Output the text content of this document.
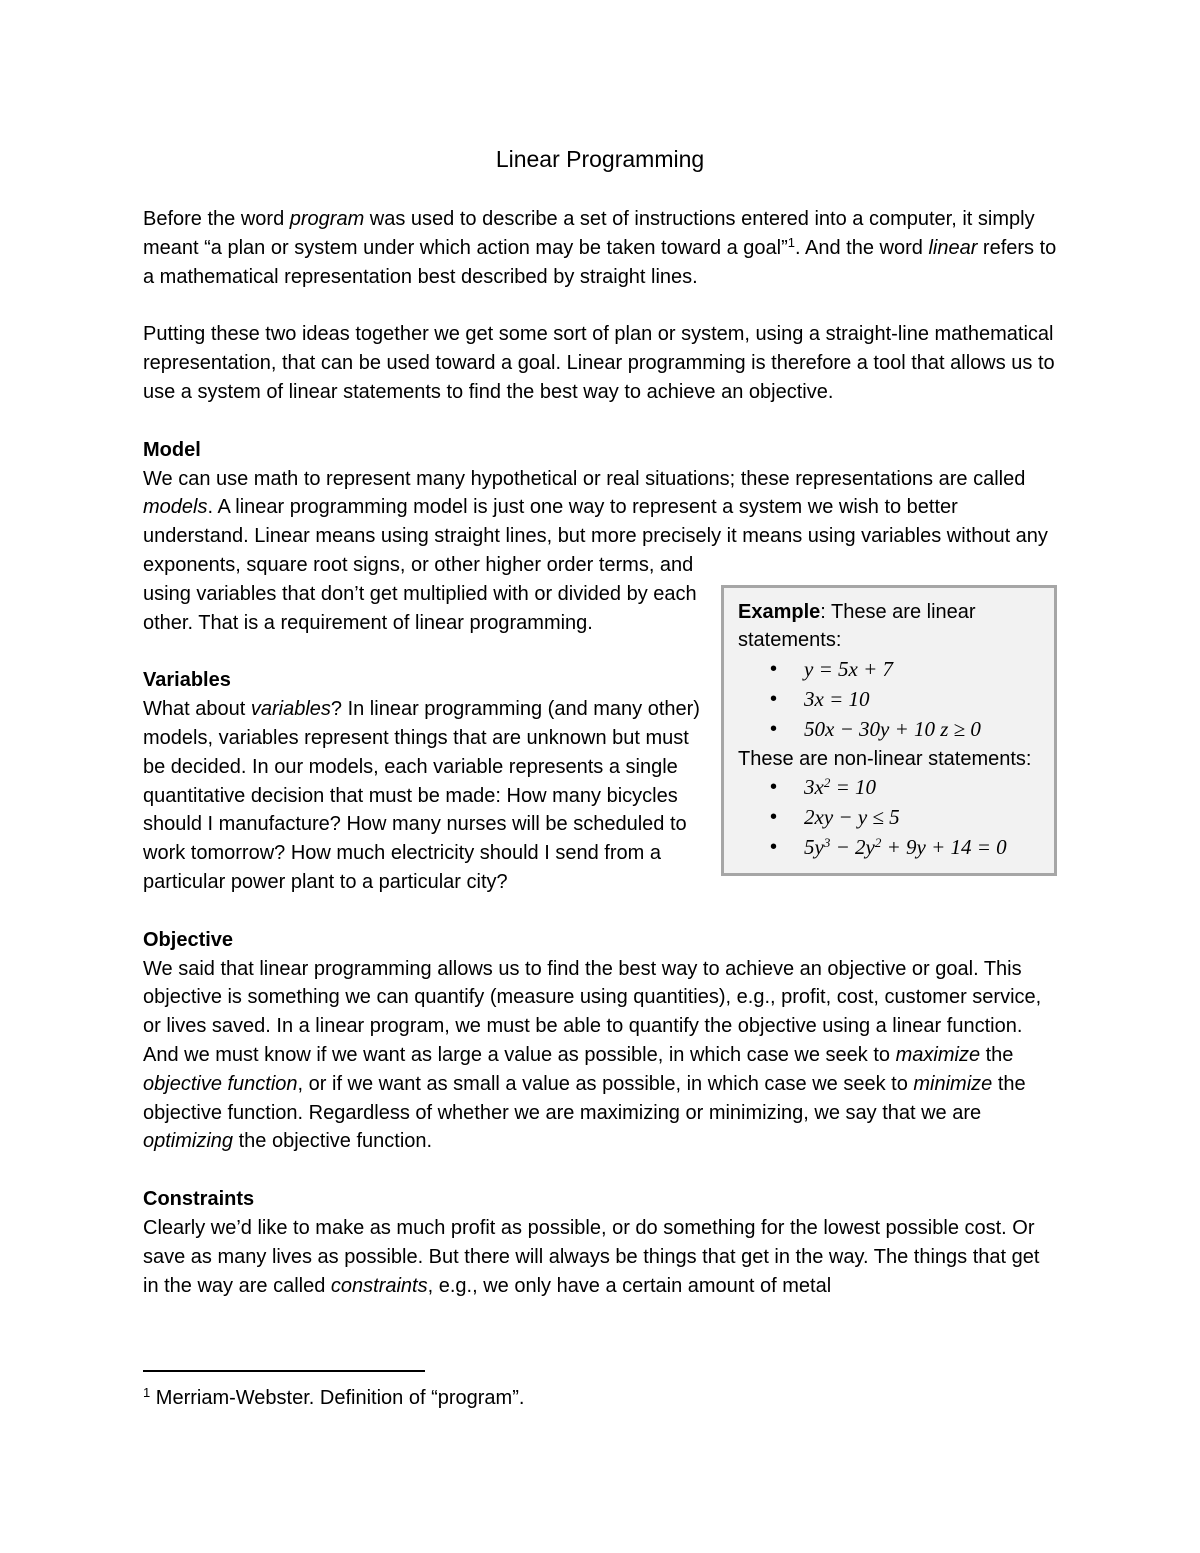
Linear Programming

Before the word program was used to describe a set of instructions entered into a computer, it simply meant “a plan or system under which action may be taken toward a goal”$^1$. And the word linear refers to a mathematical representation best described by straight lines.

Putting these two ideas together we get some sort of plan or system, using a straight-line mathematical representation, that can be used toward a goal. Linear programming is therefore a tool that allows us to use a system of linear statements to find the best way to achieve an objective.

Model
Example: These are linear statements:
• y = 5x + 7
• 3x = 10
• 50x − 30y + 10 z ≥ 0
These are non-linear statements:
• $3x^2 = 10$
• 2xy − y ≤ 5
• $5y^3 - 2y^2 + 9y + 14 = 0$

We can use math to represent many hypothetical or real situations; these representations are called models. A linear programming model is just one way to represent a system we wish to better understand. Linear means using straight lines, but more precisely it means using variables without any exponents, square root signs, or other higher order terms, and using variables that don’t get multiplied with or divided by each other. That is a requirement of linear programming.

Variables

What about variables? In linear programming (and many other) models, variables represent things that are unknown but must be decided. In our models, each variable represents a single quantitative decision that must be made: How many bicycles should I manufacture? How many nurses will be scheduled to work tomorrow? How much electricity should I send from a particular power plant to a particular city?

Objective

We said that linear programming allows us to find the best way to achieve an objective or goal. This objective is something we can quantify (measure using quantities), e.g., profit, cost, customer service, or lives saved. In a linear program, we must be able to quantify the objective using a linear function. And we must know if we want as large a value as possible, in which case we seek to maximize the objective function, or if we want as small a value as possible, in which case we seek to minimize the objective function. Regardless of whether we are maximizing or minimizing, we say that we are optimizing the objective function.

Constraints

Clearly we’d like to make as much profit as possible, or do something for the lowest possible cost. Or save as many lives as possible. But there will always be things that get in the way. The things that get in the way are called constraints, e.g., we only have a certain amount of metal

$^1$ Merriam-Webster. Definition of “program”.
